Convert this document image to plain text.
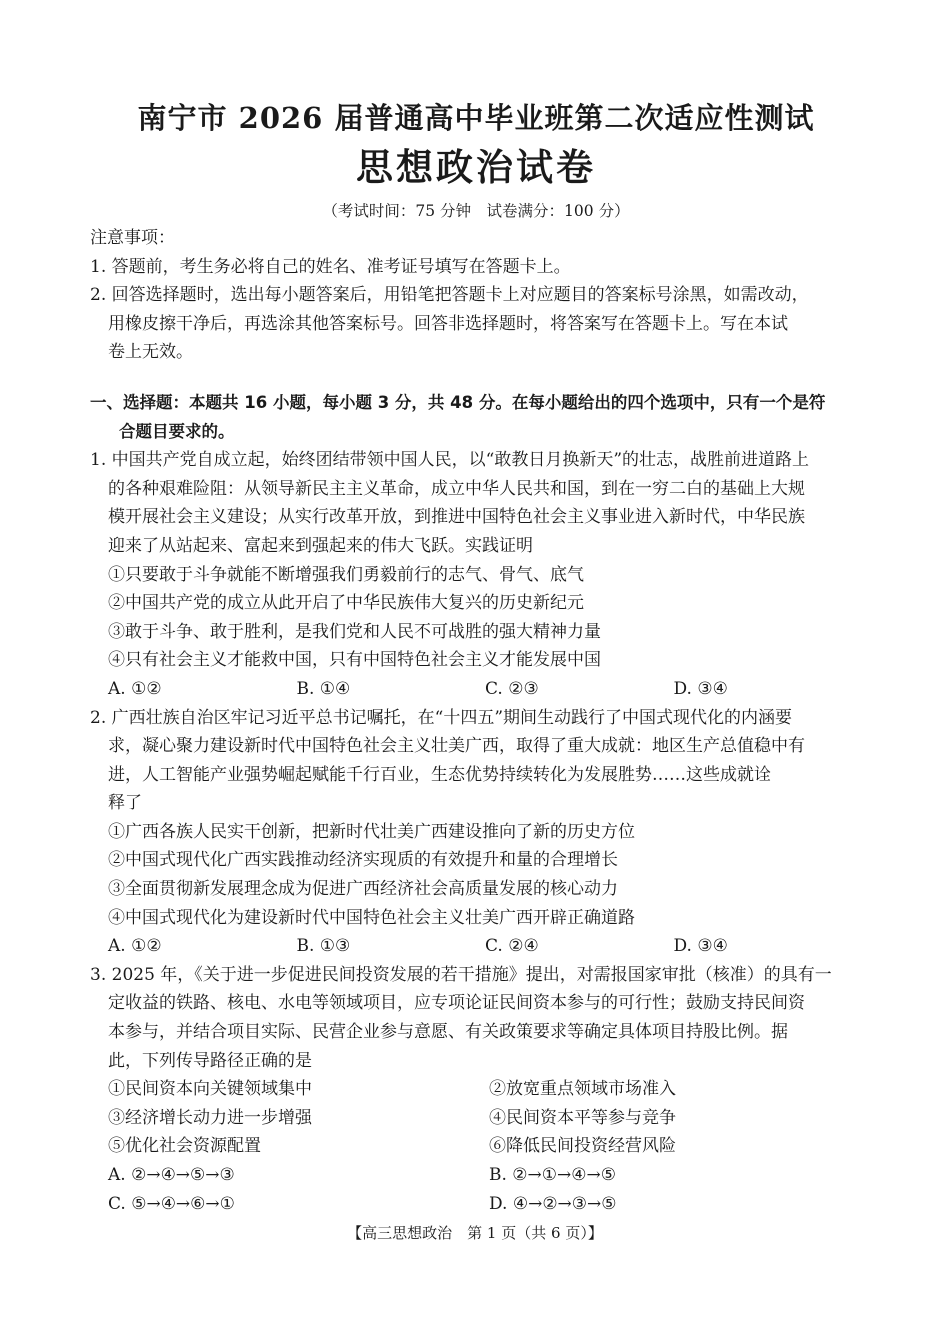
南宁市 2026 届普通高中毕业班第二次适应性测试
思想政治试卷
（考试时间：75 分钟　试卷满分：100 分）
注意事项：
1. 答题前，考生务必将自己的姓名、准考证号填写在答题卡上。
2. 回答选择题时，选出每小题答案后，用铅笔把答题卡上对应题目的答案标号涂黑，如需改动，
用橡皮擦干净后，再选涂其他答案标号。回答非选择题时，将答案写在答题卡上。写在本试
卷上无效。
一、选择题：本题共 16 小题，每小题 3 分，共 48 分。在每小题给出的四个选项中，只有一个是符
合题目要求的。
1. 中国共产党自成立起，始终团结带领中国人民，以“敢教日月换新天”的壮志，战胜前进道路上
的各种艰难险阻：从领导新民主主义革命，成立中华人民共和国，到在一穷二白的基础上大规
模开展社会主义建设；从实行改革开放，到推进中国特色社会主义事业进入新时代，中华民族
迎来了从站起来、富起来到强起来的伟大飞跃。实践证明
①只要敢于斗争就能不断增强我们勇毅前行的志气、骨气、底气
②中国共产党的成立从此开启了中华民族伟大复兴的历史新纪元
③敢于斗争、敢于胜利，是我们党和人民不可战胜的强大精神力量
④只有社会主义才能救中国，只有中国特色社会主义才能发展中国
A. ①②	B. ①④	C. ②③	D. ③④
2. 广西壮族自治区牢记习近平总书记嘱托，在“十四五”期间生动践行了中国式现代化的内涵要
求，凝心聚力建设新时代中国特色社会主义壮美广西，取得了重大成就：地区生产总值稳中有
进，人工智能产业强势崛起赋能千行百业，生态优势持续转化为发展胜势……这些成就诠
释了
①广西各族人民实干创新，把新时代壮美广西建设推向了新的历史方位
②中国式现代化广西实践推动经济实现质的有效提升和量的合理增长
③全面贯彻新发展理念成为促进广西经济社会高质量发展的核心动力
④中国式现代化为建设新时代中国特色社会主义壮美广西开辟正确道路
A. ①②	B. ①③	C. ②④	D. ③④
3. 2025 年，《关于进一步促进民间投资发展的若干措施》提出，对需报国家审批（核准）的具有一
定收益的铁路、核电、水电等领域项目，应专项论证民间资本参与的可行性；鼓励支持民间资
本参与，并结合项目实际、民营企业参与意愿、有关政策要求等确定具体项目持股比例。据
此，下列传导路径正确的是
①民间资本向关键领域集中	②放宽重点领域市场准入
③经济增长动力进一步增强	④民间资本平等参与竞争
⑤优化社会资源配置	⑥降低民间投资经营风险
A. ②→④→⑤→③	B. ②→①→④→⑤
C. ⑤→④→⑥→①	D. ④→②→③→⑤
【高三思想政治　第 1 页（共 6 页）】
